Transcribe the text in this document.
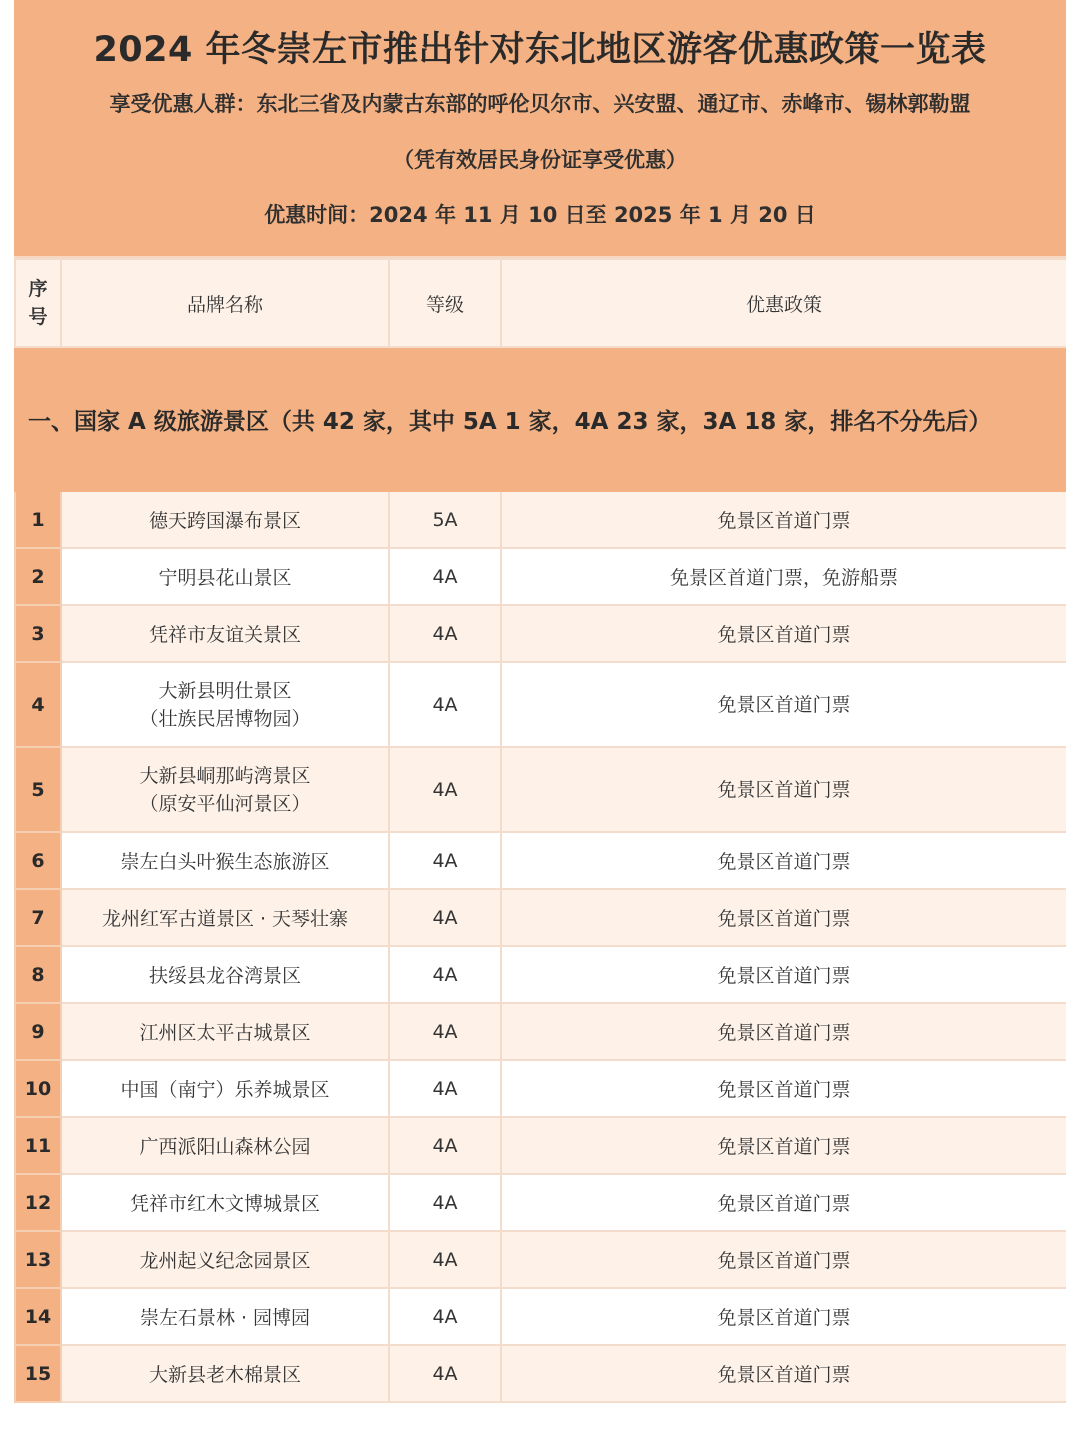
2024 年冬崇左市推出针对东北地区游客优惠政策一览表
享受优惠人群：东北三省及内蒙古东部的呼伦贝尔市、兴安盟、通辽市、赤峰市、锡林郭勒盟
（凭有效居民身份证享受优惠）
优惠时间：2024 年 11 月 10 日至 2025 年 1 月 20 日
序
号	品牌名称	等级	优惠政策
一、国家 A 级旅游景区（共 42 家，其中 5A 1 家，4A 23 家，3A 18 家，排名不分先后）			
1	德天跨国瀑布景区	5A	免景区首道门票
2	宁明县花山景区	4A	免景区首道门票，免游船票
3	凭祥市友谊关景区	4A	免景区首道门票
4	大新县明仕景区
（壮族民居博物园）	4A	免景区首道门票
5	大新县峒那屿湾景区
（原安平仙河景区）	4A	免景区首道门票
6	崇左白头叶猴生态旅游区	4A	免景区首道门票
7	龙州红军古道景区 · 天琴壮寨	4A	免景区首道门票
8	扶绥县龙谷湾景区	4A	免景区首道门票
9	江州区太平古城景区	4A	免景区首道门票
10	中国（南宁）乐养城景区	4A	免景区首道门票
11	广西派阳山森林公园	4A	免景区首道门票
12	凭祥市红木文博城景区	4A	免景区首道门票
13	龙州起义纪念园景区	4A	免景区首道门票
14	崇左石景林 · 园博园	4A	免景区首道门票
15	大新县老木棉景区	4A	免景区首道门票
